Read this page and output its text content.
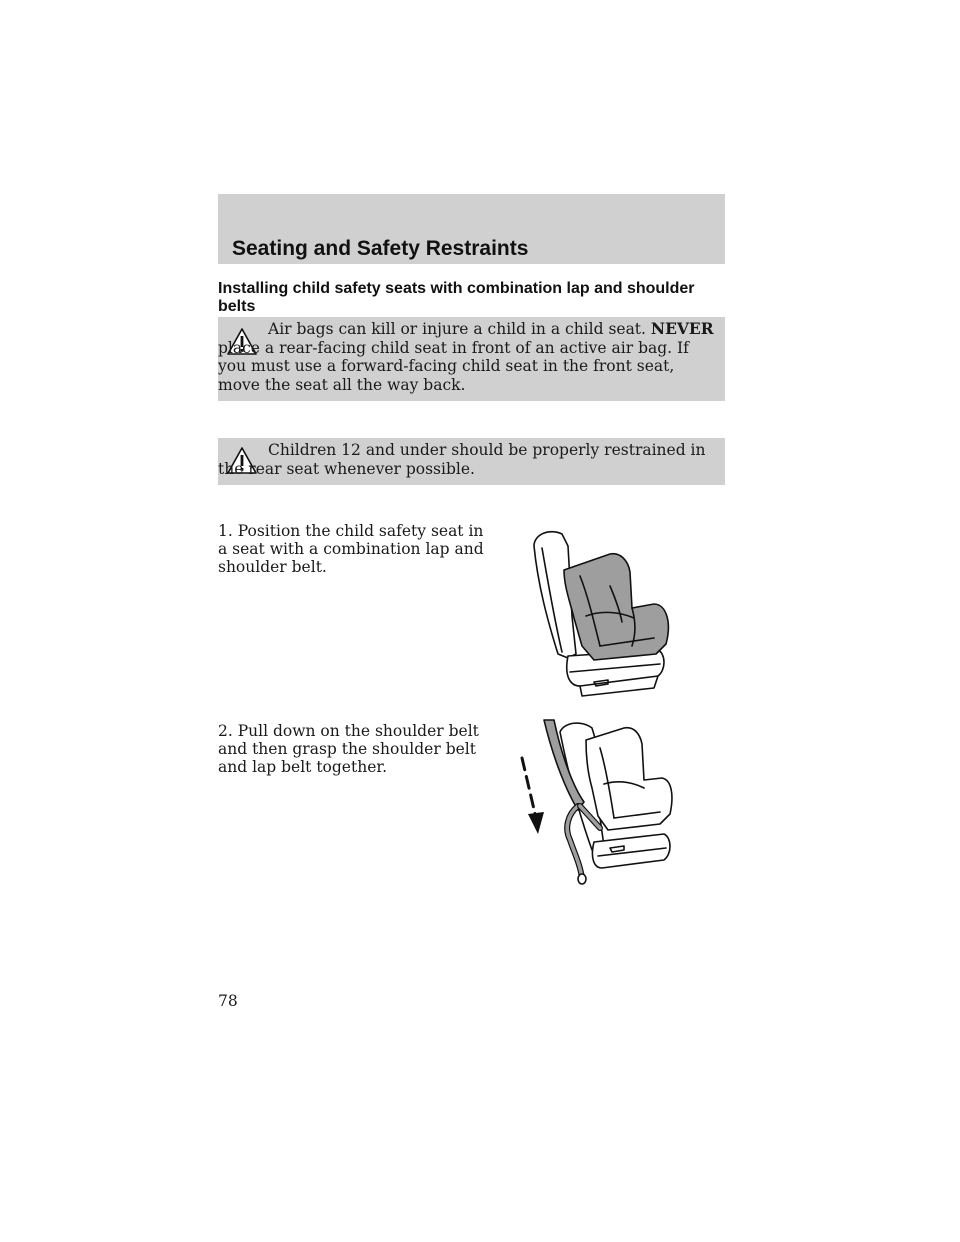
Seating and Safety Restraints
Installing child safety seats with combination lap and shoulder belts

Air bags can kill or injure a child in a child seat. NEVER place a rear-facing child seat in front of an active air bag. If you must use a forward-facing child seat in the front seat, move the seat all the way back.

Children 12 and under should be properly restrained in the rear seat whenever possible.

1. Position the child safety seat in a seat with a combination lap and shoulder belt.

2. Pull down on the shoulder belt and then grasp the shoulder belt and lap belt together.

78
